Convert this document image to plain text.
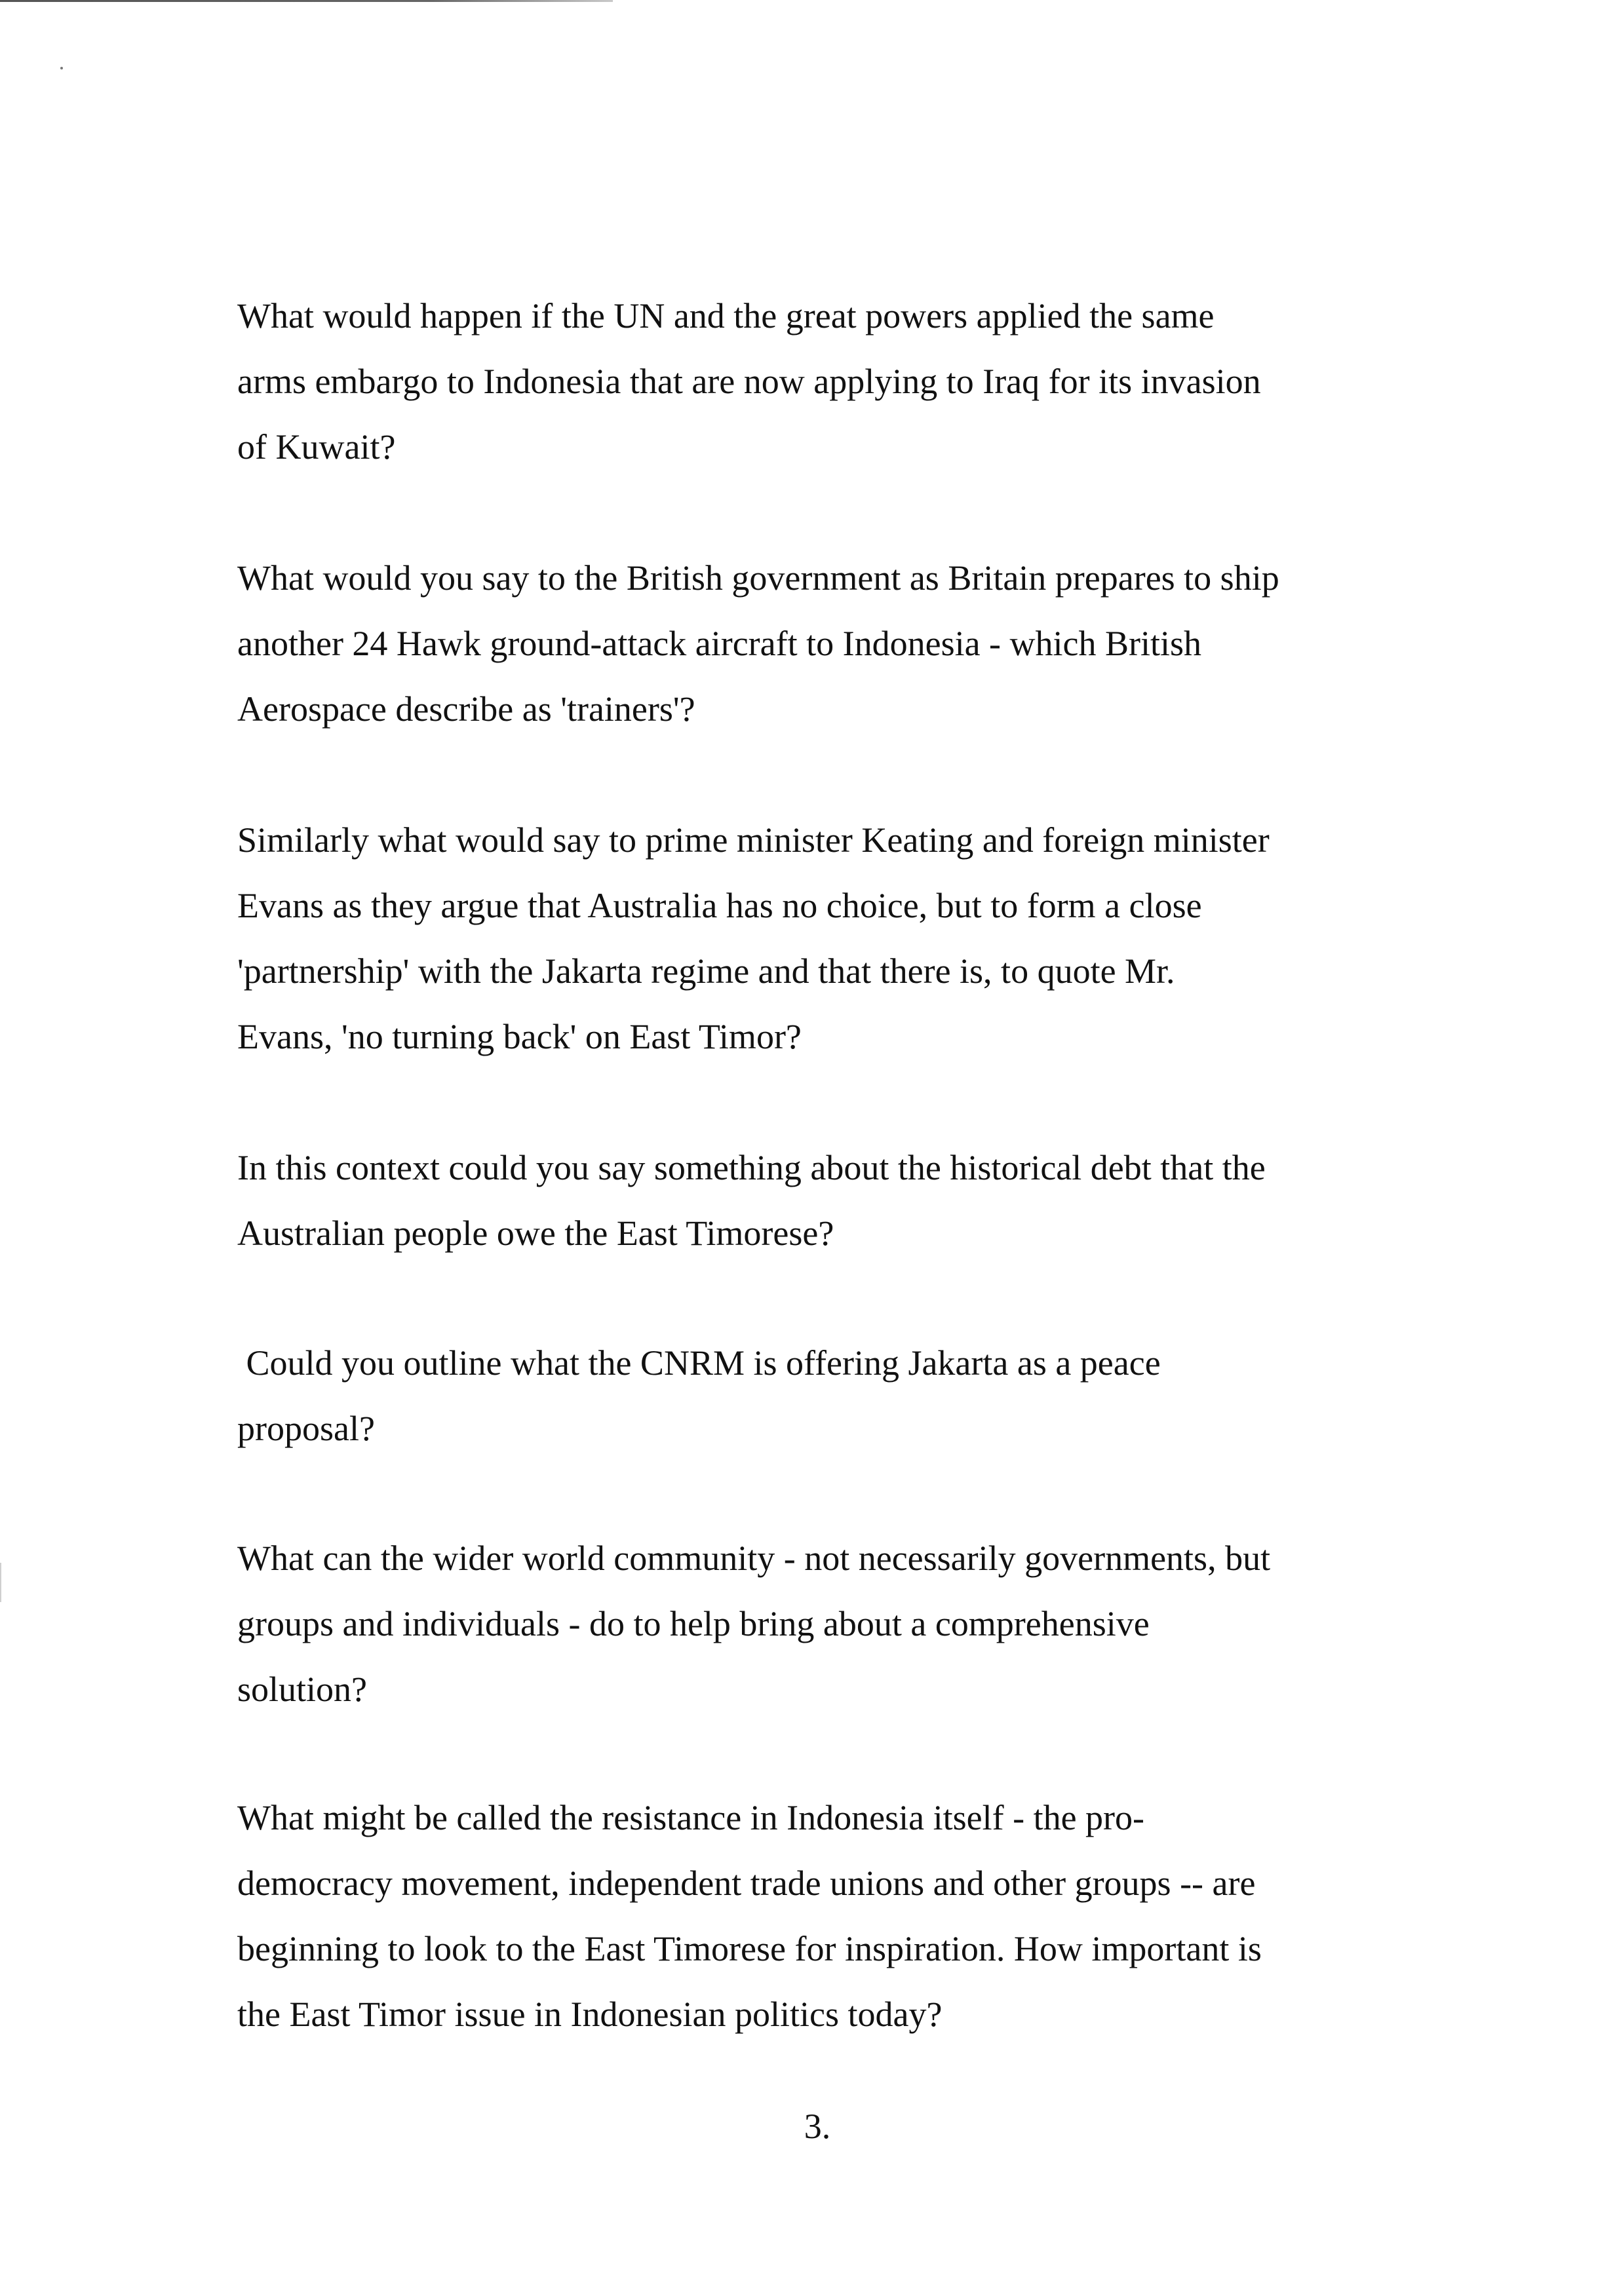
What would happen if the UN and the great powers applied the same
arms embargo to Indonesia that are now applying to Iraq for its invasion
of Kuwait?

What would you say to the British government as Britain prepares to ship
another 24 Hawk ground-attack aircraft to Indonesia - which British
Aerospace describe as 'trainers'?

Similarly what would say to prime minister Keating and foreign minister
Evans as they argue that Australia has no choice, but to form a close
'partnership' with the Jakarta regime and that there is, to quote Mr.
Evans, 'no turning back' on East Timor?

In this context could you say something about the historical debt that the
Australian people owe the East Timorese?

Could you outline what the CNRM is offering Jakarta as a peace
proposal?

What can the wider world community - not necessarily governments, but
groups and individuals - do to help bring about a comprehensive
solution?

What might be called the resistance in Indonesia itself - the pro-
democracy movement, independent trade unions and other groups -- are
beginning to look to the East Timorese for inspiration. How important is
the East Timor issue in Indonesian politics today?

3.
